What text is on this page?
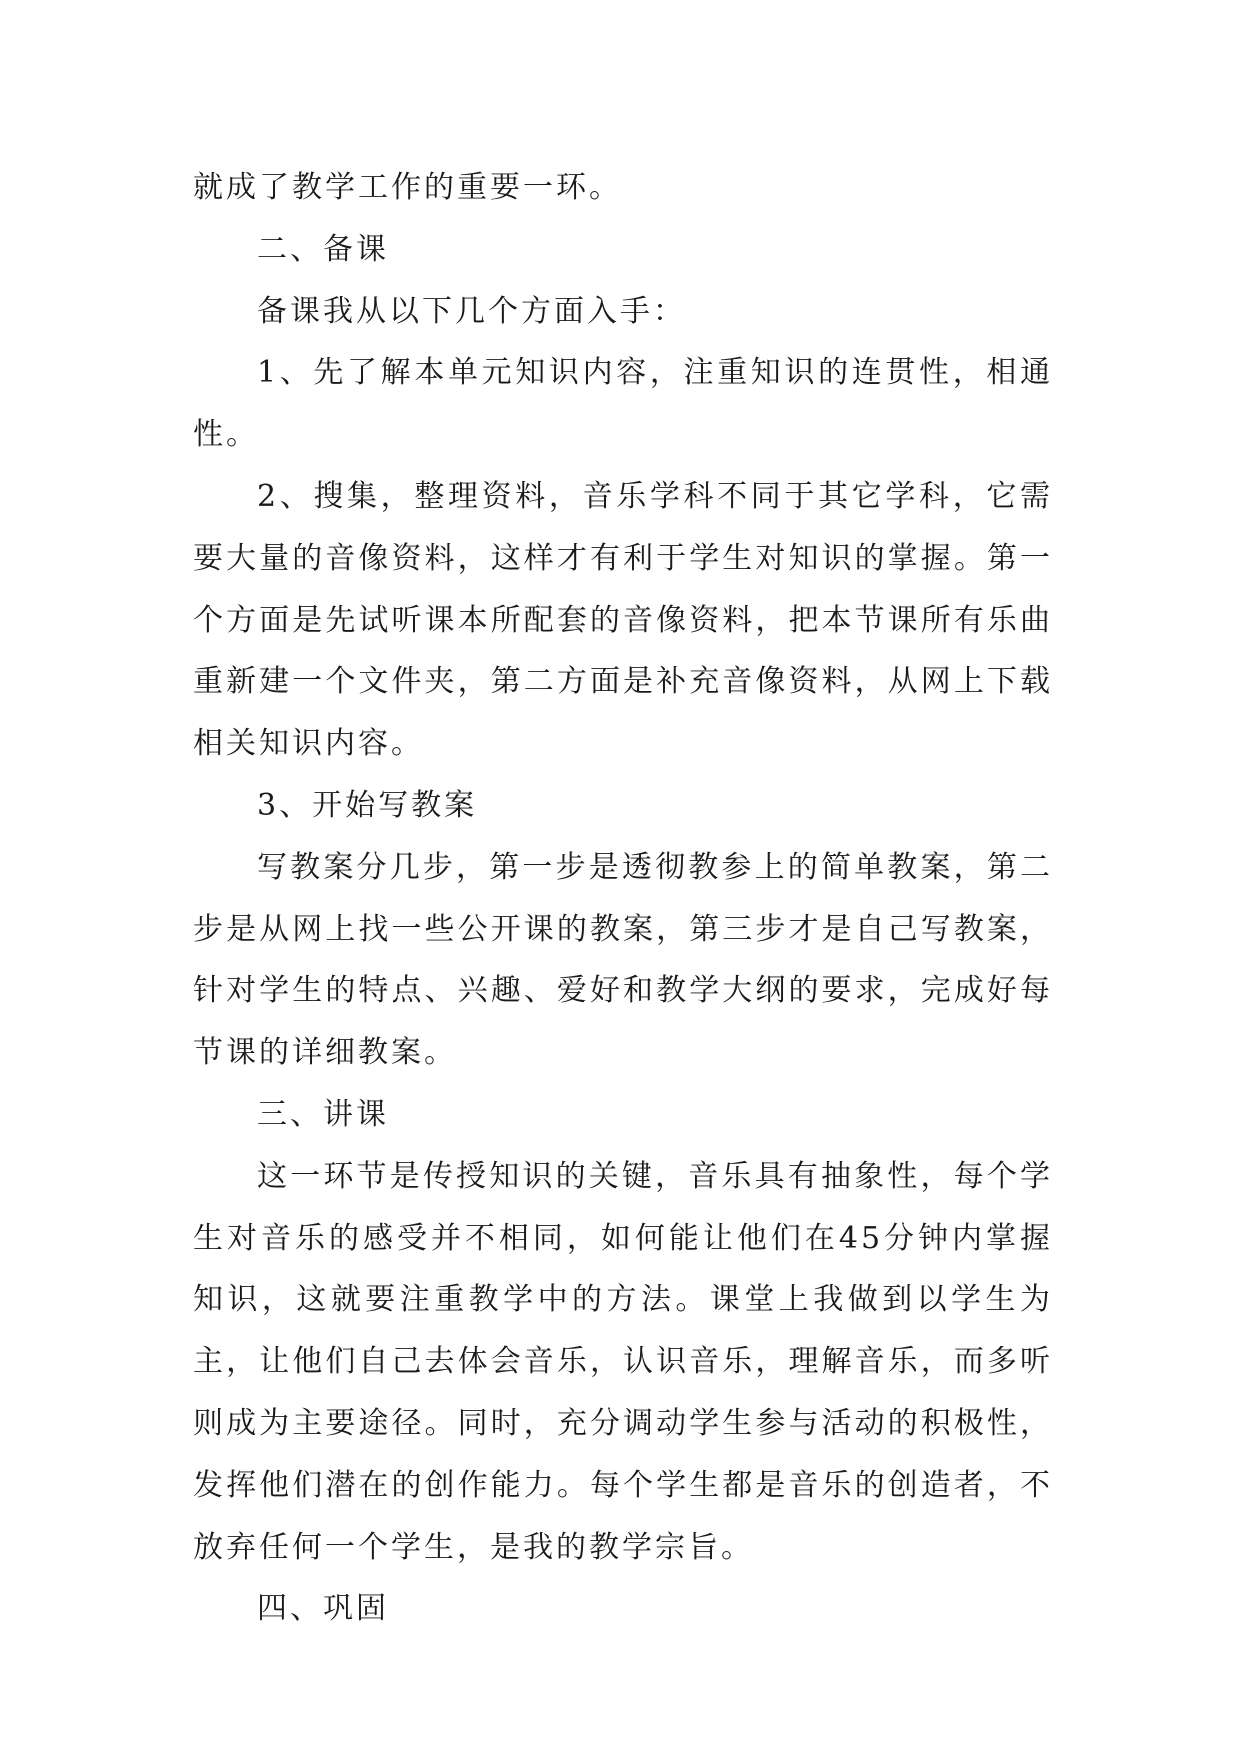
就成了教学工作的重要一环。

二、备课

备课我从以下几个方面入手：

1、先了解本单元知识内容，注重知识的连贯性，相通性。

2、搜集，整理资料，音乐学科不同于其它学科，它需要大量的音像资料，这样才有利于学生对知识的掌握。第一个方面是先试听课本所配套的音像资料，把本节课所有乐曲重新建一个文件夹，第二方面是补充音像资料，从网上下载相关知识内容。

3、开始写教案

写教案分几步，第一步是透彻教参上的简单教案，第二步是从网上找一些公开课的教案，第三步才是自己写教案，针对学生的特点、兴趣、爱好和教学大纲的要求，完成好每节课的详细教案。

三、讲课

这一环节是传授知识的关键，音乐具有抽象性，每个学生对音乐的感受并不相同，如何能让他们在45分钟内掌握知识，这就要注重教学中的方法。课堂上我做到以学生为主，让他们自己去体会音乐，认识音乐，理解音乐，而多听则成为主要途径。同时，充分调动学生参与活动的积极性，发挥他们潜在的创作能力。每个学生都是音乐的创造者，不放弃任何一个学生，是我的教学宗旨。

四、巩固
